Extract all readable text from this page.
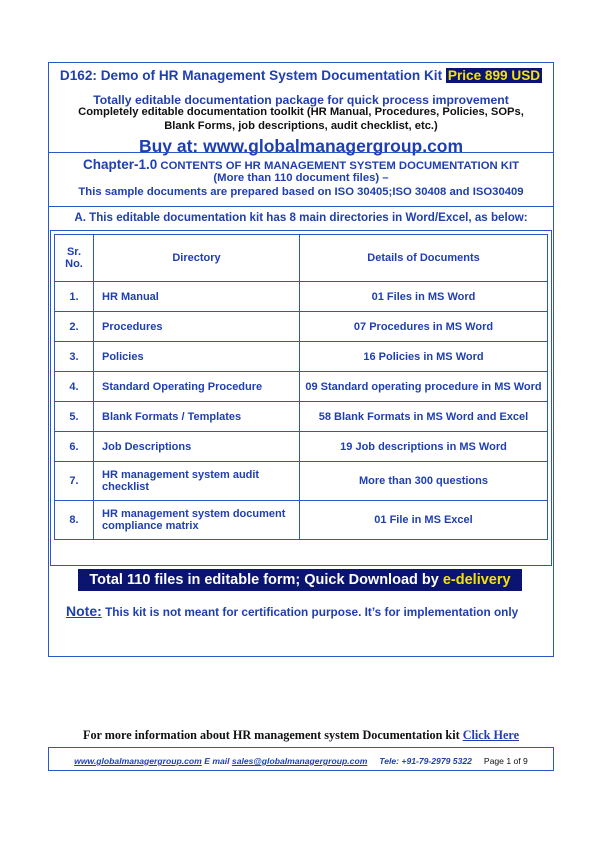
D162: Demo of HR Management System Documentation Kit Price 899 USD
Totally editable documentation package for quick process improvement
Completely editable documentation toolkit (HR Manual, Procedures, Policies, SOPs, Blank Forms, job descriptions, audit checklist, etc.)
Buy at: www.globalmanagergroup.com
Chapter-1.0 CONTENTS OF HR MANAGEMENT SYSTEM DOCUMENTATION KIT
(More than 110 document files) –
This sample documents are prepared based on ISO 30405;ISO 30408 and ISO30409
A. This editable documentation kit has 8 main directories in Word/Excel, as below:
Sr. No.	Directory	Details of Documents
1.	HR Manual	01 Files in MS Word
2.	Procedures	07 Procedures in MS Word
3.	Policies	16 Policies in MS Word
4.	Standard Operating Procedure	09 Standard operating procedure in MS Word
5.	Blank Formats / Templates	58 Blank Formats in MS Word and Excel
6.	Job Descriptions	19 Job descriptions in MS Word
7.	HR management system audit checklist	More than 300 questions
8.	HR management system document compliance matrix	01 File in MS Excel
Total 110 files in editable form; Quick Download by e-delivery
Note: This kit is not meant for certification purpose. It’s for implementation only
For more information about HR management system Documentation kit Click Here
www.globalmanagergroup.com E mail sales@globalmanagergroup.com Tele: +91-79-2979 5322 Page 1 of 9
